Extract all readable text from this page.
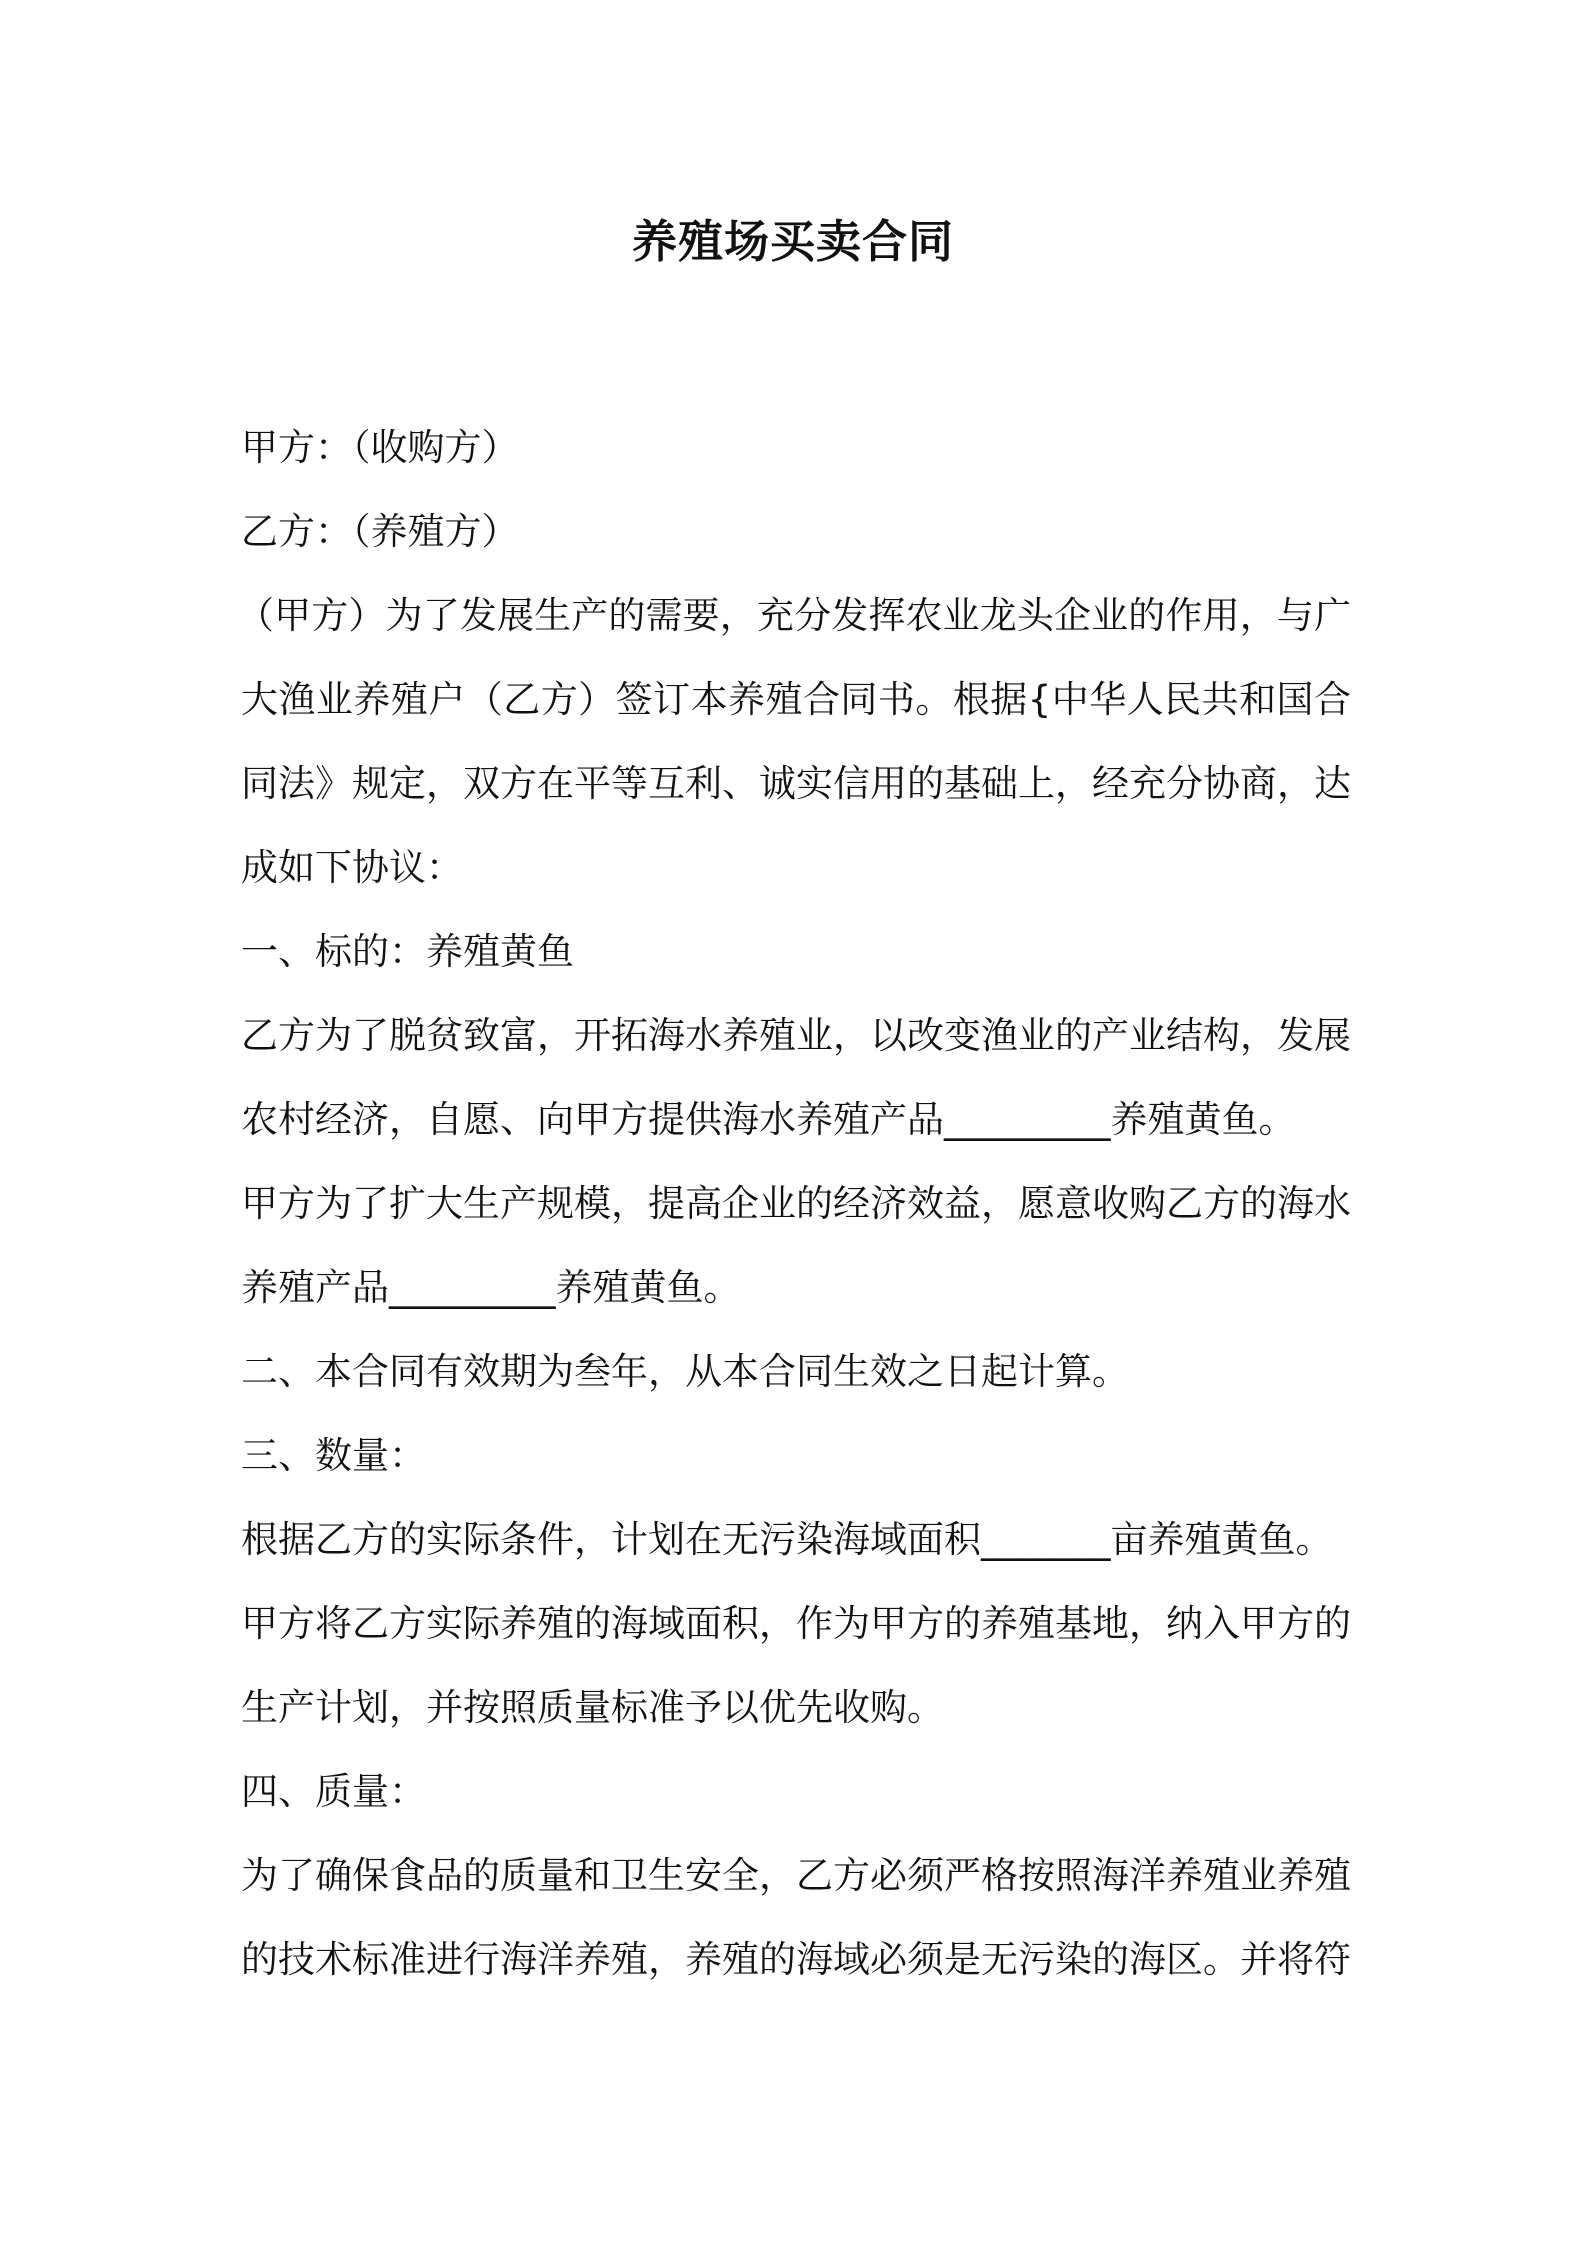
养殖场买卖合同
甲方：（收购方）
乙方：（养殖方）
（甲方）为了发展生产的需要，充分发挥农业龙头企业的作用，与广
大渔业养殖户（乙方）签订本养殖合同书。根据{中华人民共和国合
同法》规定，双方在平等互利、诚实信用的基础上，经充分协商，达
成如下协议：
一、标的：养殖黄鱼
乙方为了脱贫致富，开拓海水养殖业，以改变渔业的产业结构，发展
农村经济，自愿、向甲方提供海水养殖产品_________养殖黄鱼。
甲方为了扩大生产规模，提高企业的经济效益，愿意收购乙方的海水
养殖产品_________养殖黄鱼。
二、本合同有效期为叁年，从本合同生效之日起计算。
三、数量：
根据乙方的实际条件，计划在无污染海域面积_______亩养殖黄鱼。
甲方将乙方实际养殖的海域面积，作为甲方的养殖基地，纳入甲方的
生产计划，并按照质量标准予以优先收购。
四、质量：
为了确保食品的质量和卫生安全，乙方必须严格按照海洋养殖业养殖
的技术标准进行海洋养殖，养殖的海域必须是无污染的海区。并将符
